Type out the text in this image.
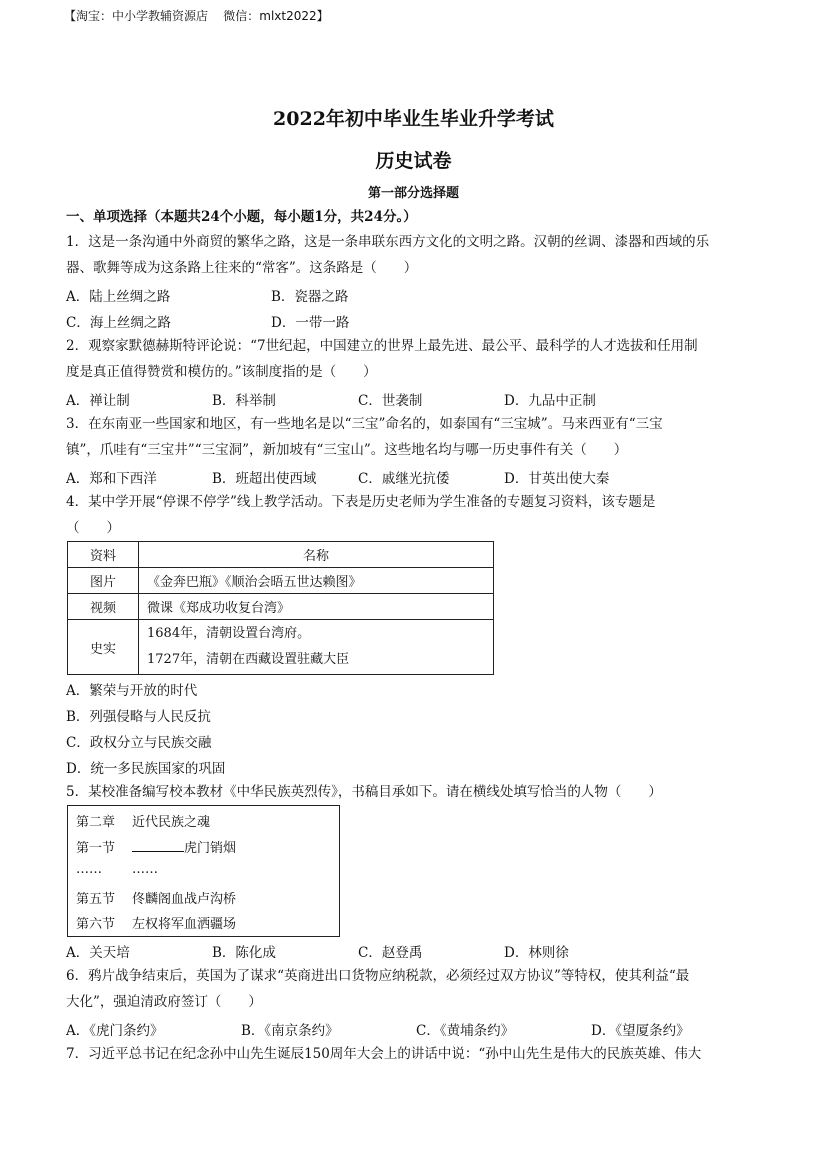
【淘宝：中小学教辅资源店    微信：mlxt2022】
2022年初中毕业生毕业升学考试
历史试卷
第一部分选择题
一、单项选择（本题共24个小题，每小题1分，共24分。）
1．这是一条沟通中外商贸的繁华之路，这是一条串联东西方文化的文明之路。汉朝的丝调、漆器和西域的乐
器、歌舞等成为这条路上往来的“常客”。这条路是（　　）
A．陆上丝绸之路	B．瓷器之路
C．海上丝绸之路	D．一带一路
2．观察家默德赫斯特评论说：“7世纪起，中国建立的世界上最先进、最公平、最科学的人才选拔和任用制
度是真正值得赞赏和模仿的。”该制度指的是（　　）
A．禅让制	B．科举制	C．世袭制	D．九品中正制
3．在东南亚一些国家和地区，有一些地名是以“三宝”命名的，如泰国有“三宝城”。马来西亚有“三宝
镇”，爪哇有“三宝井”“三宝洞”，新加坡有“三宝山”。这些地名均与哪一历史事件有关（　　）
A．郑和下西洋	B．班超出使西域	C．戚继光抗倭	D．甘英出使大秦
4．某中学开展“停课不停学”线上教学活动。下表是历史老师为学生准备的专题复习资料，该专题是
（　　）
资料	名称
图片	《金奔巴瓶》《顺治会晤五世达赖图》
视频	微课《郑成功收复台湾》
史实	1684年，清朝设置台湾府。
1727年，清朝在西藏设置驻藏大臣
A．繁荣与开放的时代
B．列强侵略与人民反抗
C．政权分立与民族交融
D．统一多民族国家的巩固
5．某校准备编写校本教材《中华民族英烈传》，书稿目承如下。请在横线处填写恰当的人物（　　）
第二章 近代民族之魂
第一节	虎门销烟
…… ……
第五节 佟麟阁血战卢沟桥
第六节 左权将军血洒疆场
A．关天培	B．陈化成	C．赵登禹	D．林则徐
6．鸦片战争结束后，英国为了谋求“英商进出口货物应纳税款，必须经过双方协议”等特权，使其利益“最
大化”，强迫清政府签订（　　）
A．《虎门条约》	B．《南京条约》	C．《黄埔条约》	D．《望厦条约》
7．习近平总书记在纪念孙中山先生诞辰150周年大会上的讲话中说：“孙中山先生是伟大的民族英雄、伟大
